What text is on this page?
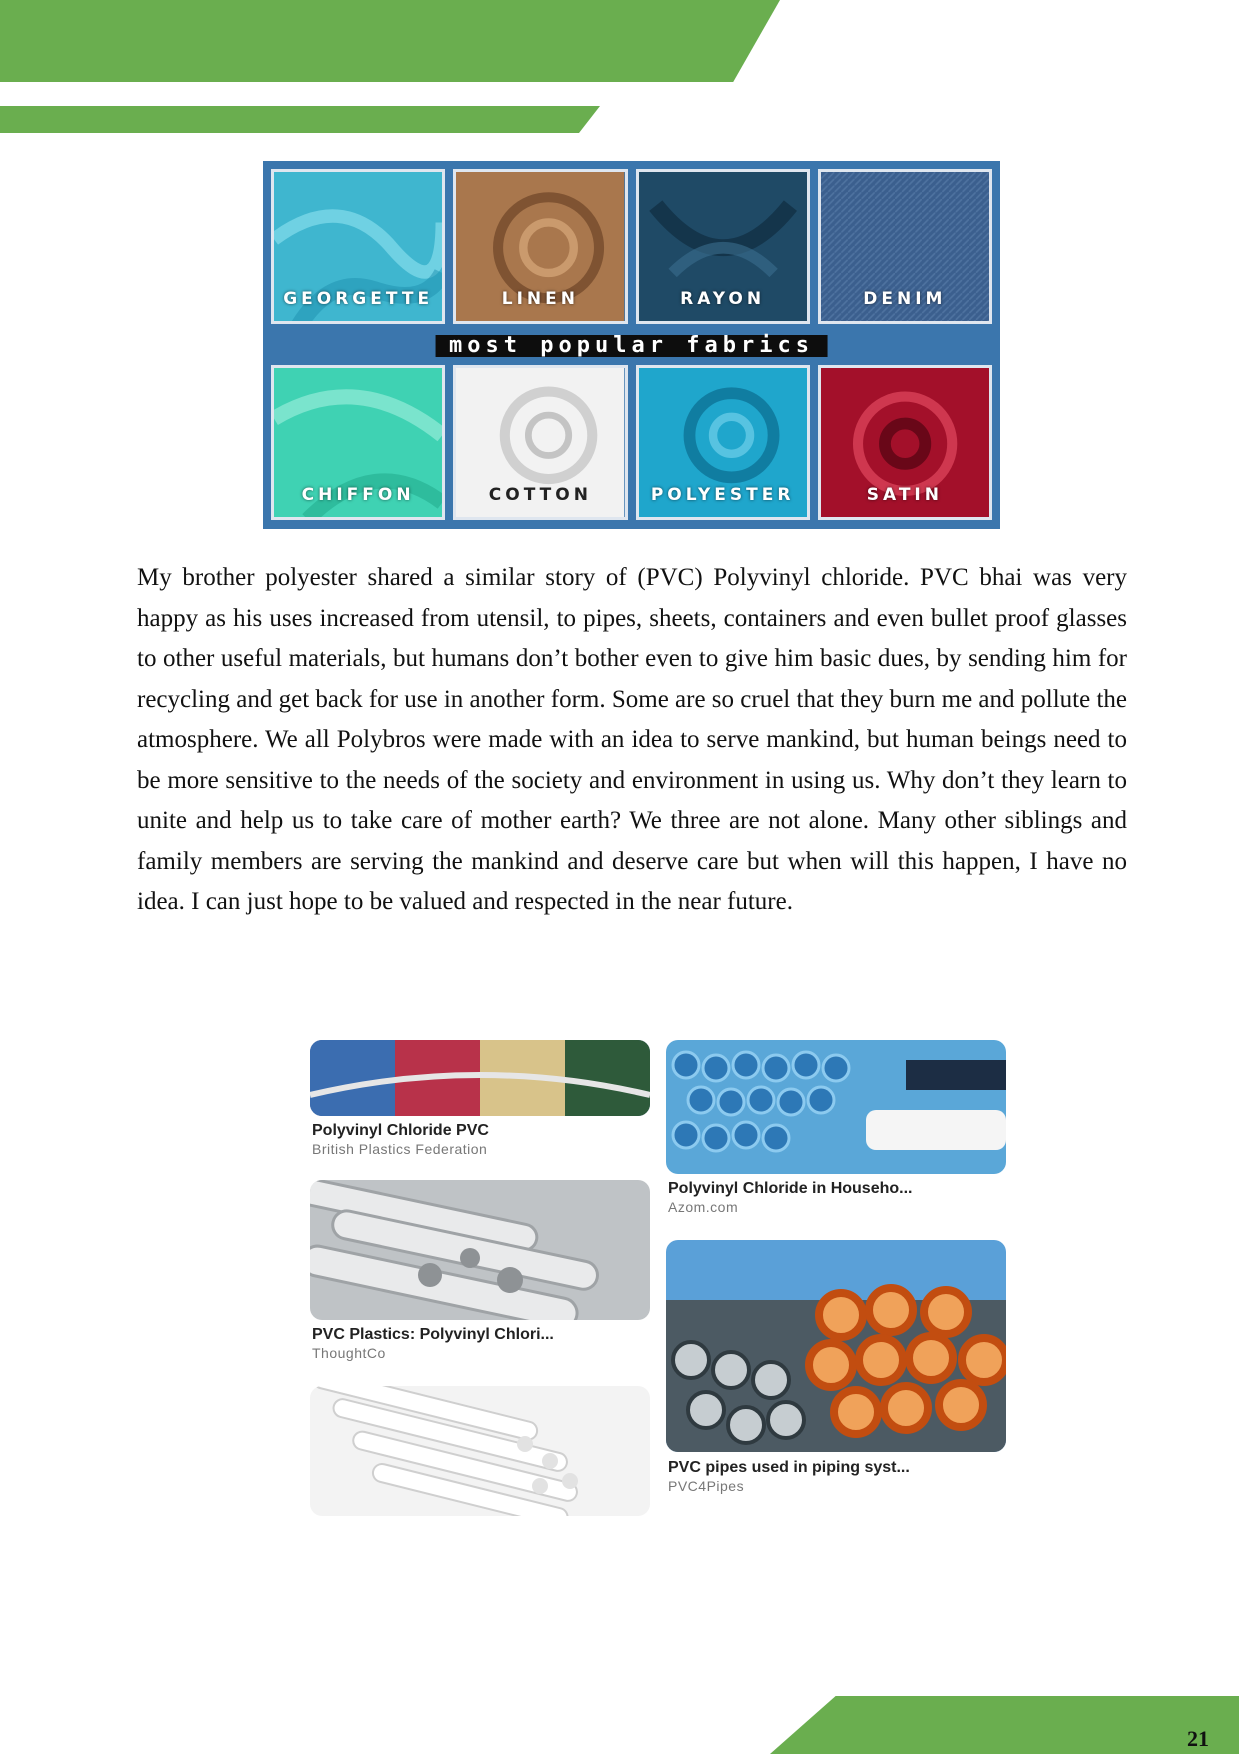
GEORGETTE	LINEN	RAYON	DENIM
most popular fabrics
CHIFFON	COTTON	POLYESTER	SATIN

My brother polyester shared a similar story of (PVC) Polyvinyl chloride. PVC bhai was very happy as his uses increased from utensil, to pipes, sheets, containers and even bullet proof glasses to other useful materials, but humans don’t bother even to give him basic dues, by sending him for recycling and get back for use in another form. Some are so cruel that they burn me and pollute the atmosphere. We all Polybros were made with an idea to serve mankind, but human beings need to be more sensitive to the needs of the society and environment in using us. Why don’t they learn to unite and help us to take care of mother earth? We three are not alone. Many other siblings and family members are serving the mankind and deserve care but when will this happen, I have no idea. I can just hope to be valued and respected in the near future.

Polyvinyl Chloride PVC
British Plastics Federation
Polyvinyl Chloride in Househo...
Azom.com
PVC Plastics: Polyvinyl Chlori...
ThoughtCo
PVC pipes used in piping syst...
PVC4Pipes
21
